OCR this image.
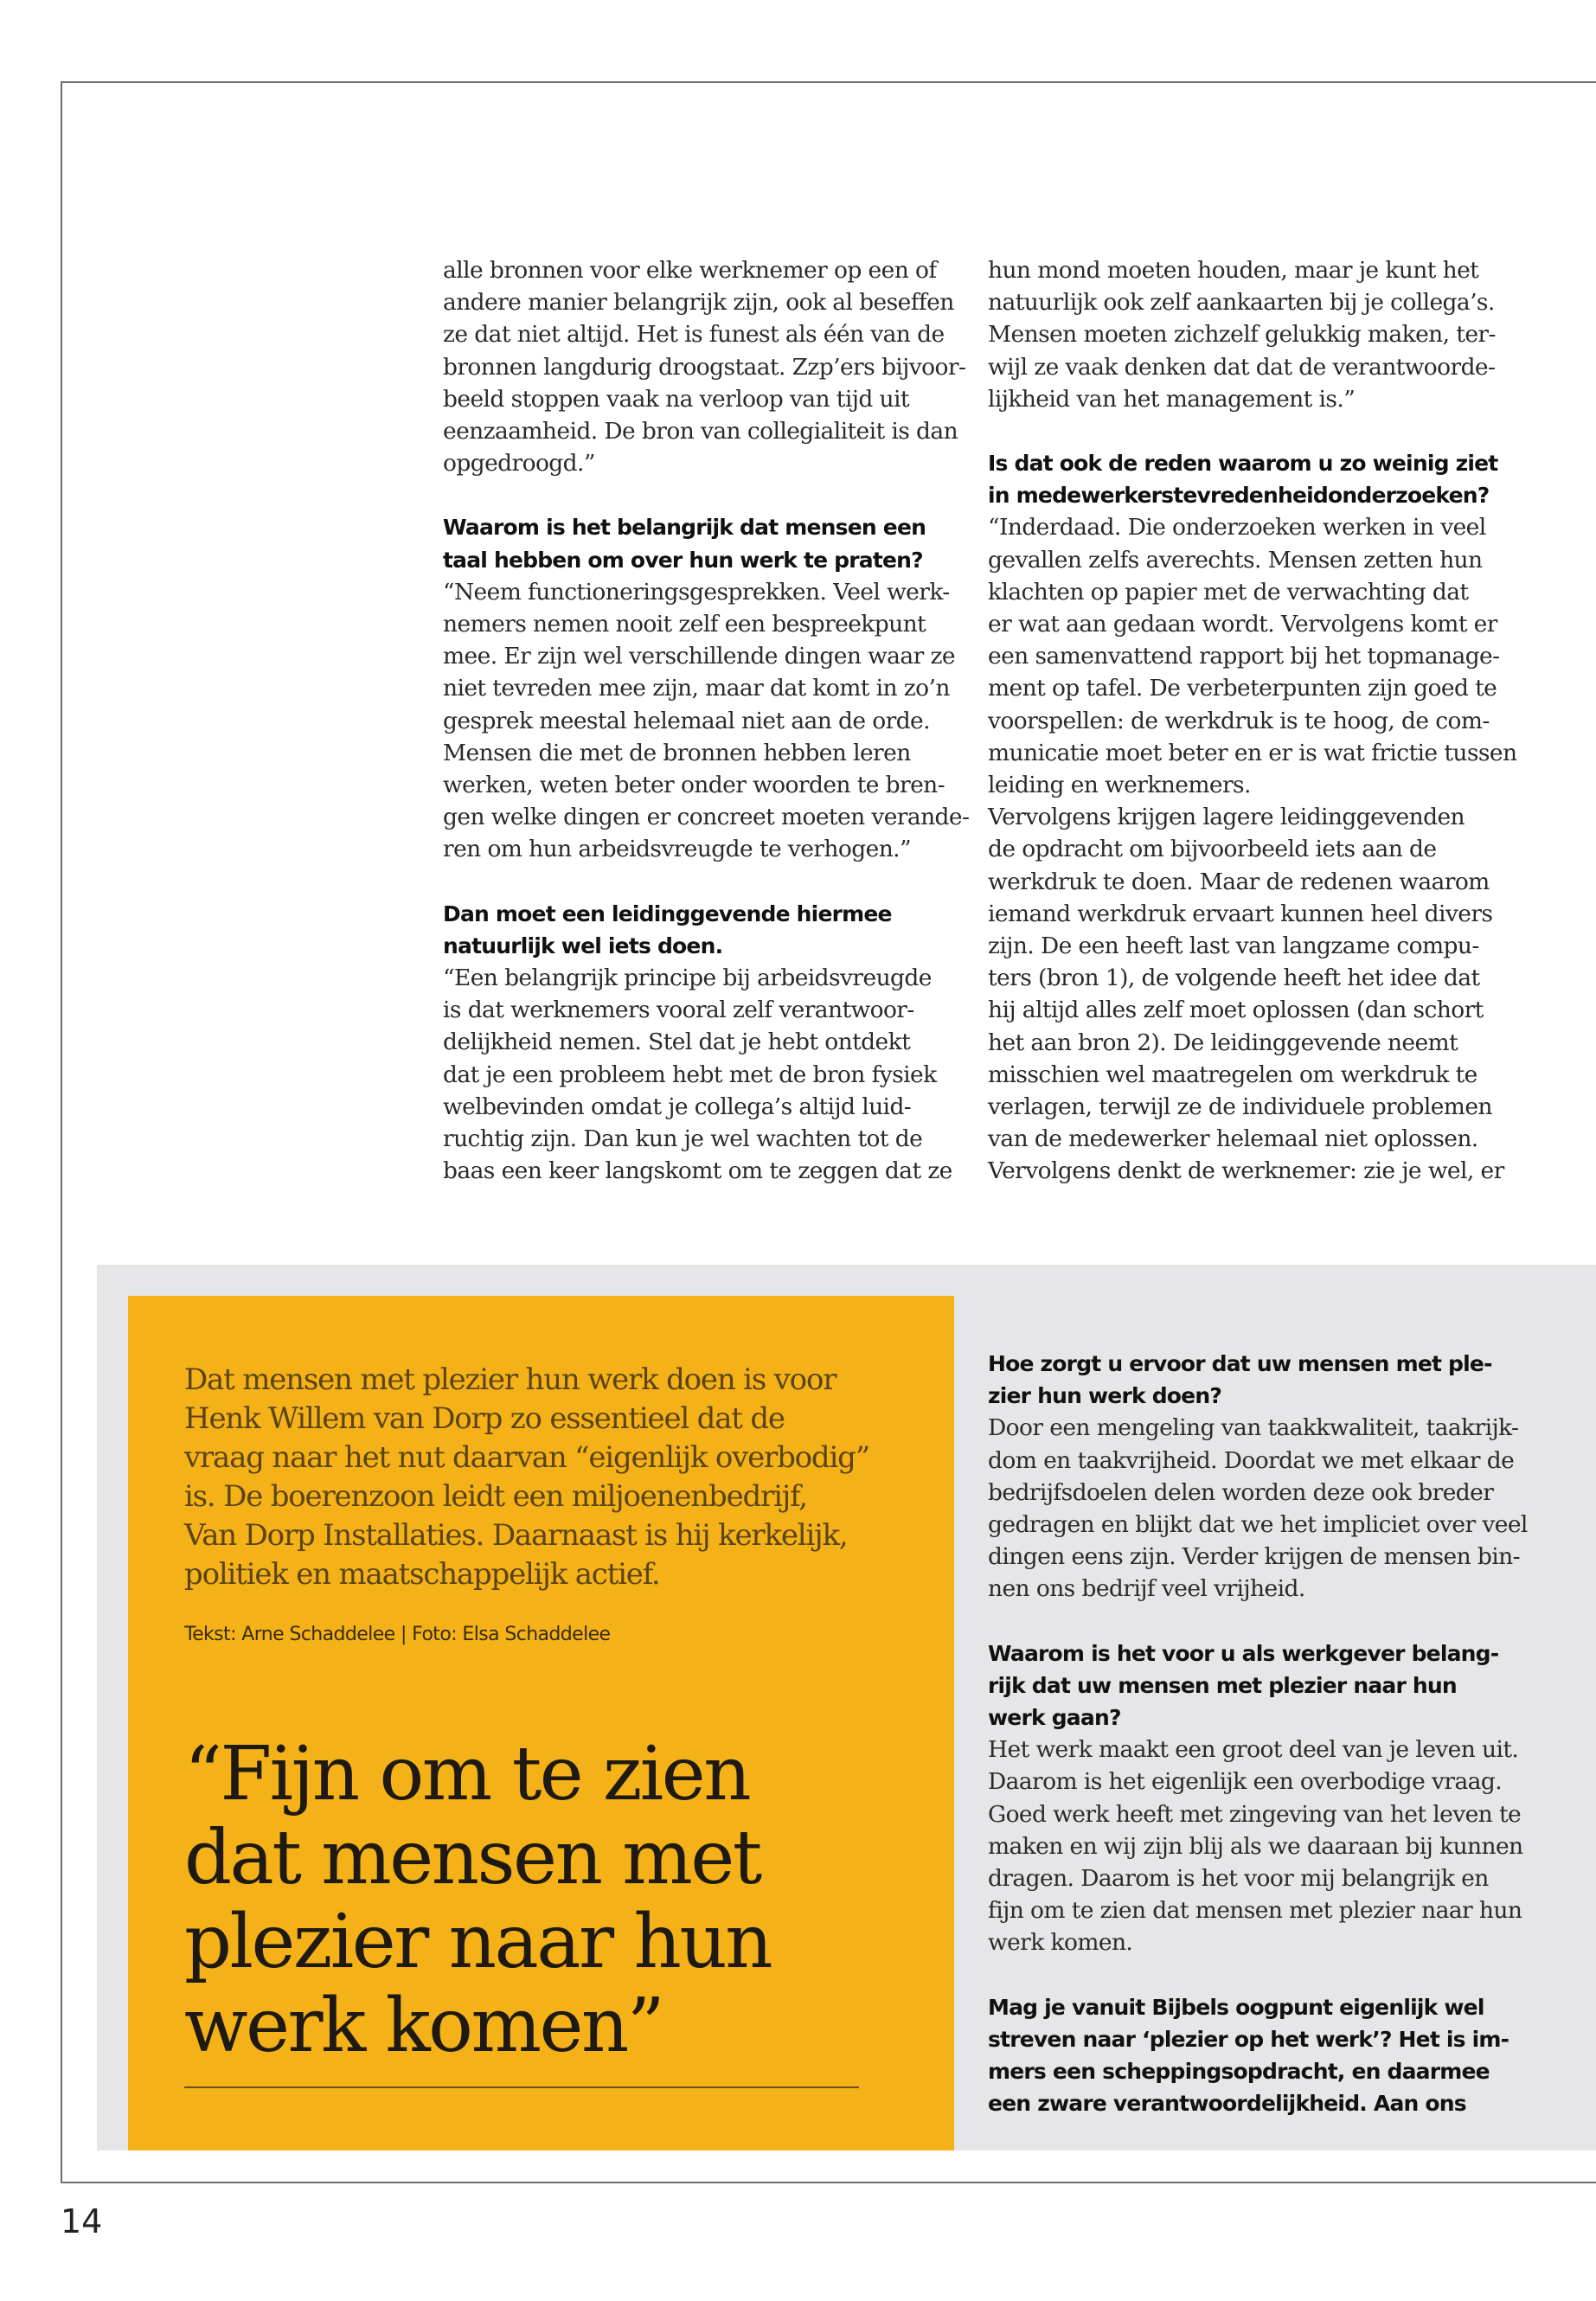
alle bronnen voor elke werknemer op een of
andere manier belangrijk zijn, ook al beseffen
ze dat niet altijd. Het is funest als één van de
bronnen langdurig droogstaat. Zzp’ers bijvoor-
beeld stoppen vaak na verloop van tijd uit
eenzaamheid. De bron van collegialiteit is dan
opgedroogd.”
Waarom is het belangrijk dat mensen een
taal hebben om over hun werk te praten?
“Neem functioneringsgesprekken. Veel werk-
nemers nemen nooit zelf een bespreekpunt
mee. Er zijn wel verschillende dingen waar ze
niet tevreden mee zijn, maar dat komt in zo’n
gesprek meestal helemaal niet aan de orde.
Mensen die met de bronnen hebben leren
werken, weten beter onder woorden te bren-
gen welke dingen er concreet moeten verande-
ren om hun arbeidsvreugde te verhogen.”
Dan moet een leidinggevende hiermee
natuurlijk wel iets doen.
“Een belangrijk principe bij arbeidsvreugde
is dat werknemers vooral zelf verantwoor-
delijkheid nemen. Stel dat je hebt ontdekt
dat je een probleem hebt met de bron fysiek
welbevinden omdat je collega’s altijd luid-
ruchtig zijn. Dan kun je wel wachten tot de
baas een keer langskomt om te zeggen dat ze
hun mond moeten houden, maar je kunt het
natuurlijk ook zelf aankaarten bij je collega’s.
Mensen moeten zichzelf gelukkig maken, ter-
wijl ze vaak denken dat dat de verantwoorde-
lijkheid van het management is.”
Is dat ook de reden waarom u zo weinig ziet
in medewerkerstevredenheidonderzoeken?
“Inderdaad. Die onderzoeken werken in veel
gevallen zelfs averechts. Mensen zetten hun
klachten op papier met de verwachting dat
er wat aan gedaan wordt. Vervolgens komt er
een samenvattend rapport bij het topmanage-
ment op tafel. De verbeterpunten zijn goed te
voorspellen: de werkdruk is te hoog, de com-
municatie moet beter en er is wat frictie tussen
leiding en werknemers.
Vervolgens krijgen lagere leidinggevenden
de opdracht om bijvoorbeeld iets aan de
werkdruk te doen. Maar de redenen waarom
iemand werkdruk ervaart kunnen heel divers
zijn. De een heeft last van langzame compu-
ters (bron 1), de volgende heeft het idee dat
hij altijd alles zelf moet oplossen (dan schort
het aan bron 2). De leidinggevende neemt
misschien wel maatregelen om werkdruk te
verlagen, terwijl ze de individuele problemen
van de medewerker helemaal niet oplossen.
Vervolgens denkt de werknemer: zie je wel, er
Dat mensen met plezier hun werk doen is voor
Henk Willem van Dorp zo essentieel dat de
vraag naar het nut daarvan “eigenlijk overbodig”
is. De boerenzoon leidt een miljoenenbedrijf,
Van Dorp Installaties. Daarnaast is hij kerkelijk,
politiek en maatschappelijk actief.
Tekst: Arne Schaddelee | Foto: Elsa Schaddelee
“Fijn om te zien
dat mensen met
plezier naar hun
werk komen”
Hoe zorgt u ervoor dat uw mensen met ple-
zier hun werk doen?
Door een mengeling van taakkwaliteit, taakrijk-
dom en taakvrijheid. Doordat we met elkaar de
bedrijfsdoelen delen worden deze ook breder
gedragen en blijkt dat we het impliciet over veel
dingen eens zijn. Verder krijgen de mensen bin-
nen ons bedrijf veel vrijheid.
Waarom is het voor u als werkgever belang-
rijk dat uw mensen met plezier naar hun
werk gaan?
Het werk maakt een groot deel van je leven uit.
Daarom is het eigenlijk een overbodige vraag.
Goed werk heeft met zingeving van het leven te
maken en wij zijn blij als we daaraan bij kunnen
dragen. Daarom is het voor mij belangrijk en
fijn om te zien dat mensen met plezier naar hun
werk komen.
Mag je vanuit Bijbels oogpunt eigenlijk wel
streven naar ‘plezier op het werk’? Het is im-
mers een scheppingsopdracht, en daarmee
een zware verantwoordelijkheid. Aan ons
14
